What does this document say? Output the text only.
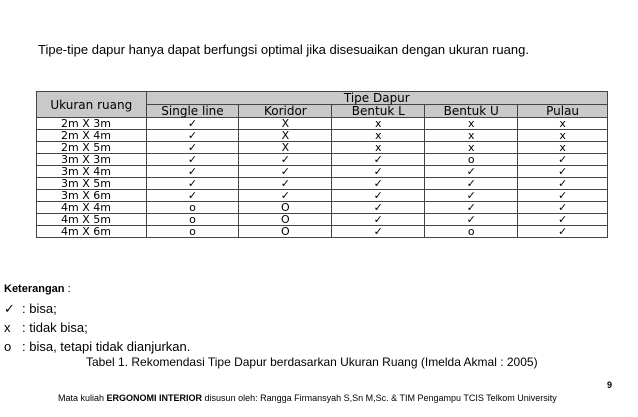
Tipe-tipe dapur hanya dapat berfungsi optimal jika disesuaikan dengan ukuran ruang.
Ukuran ruang	Tipe Dapur				
	Single line	Koridor	Bentuk L	Bentuk U	Pulau
2m X 3m	✓	X	x	x	x
2m X 4m	✓	X	x	x	x
2m X 5m	✓	X	x	x	x
3m X 3m	✓	✓	✓	o	✓
3m X 4m	✓	✓	✓	✓	✓
3m X 5m	✓	✓	✓	✓	✓
3m X 6m	✓	✓	✓	✓	✓
4m X 4m	o	O	✓	✓	✓
4m X 5m	o	O	✓	✓	✓
4m X 6m	o	O	✓	o	✓
Keterangan :
✓ : bisa;
x : tidak bisa;
o : bisa, tetapi tidak dianjurkan.
Tabel 1. Rekomendasi Tipe Dapur berdasarkan Ukuran Ruang (Imelda Akmal : 2005)
Mata kuliah ERGONOMI INTERIOR disusun oleh: Rangga Firmansyah S,Sn M,Sc. & TIM Pengampu TCIS Telkom University
9
